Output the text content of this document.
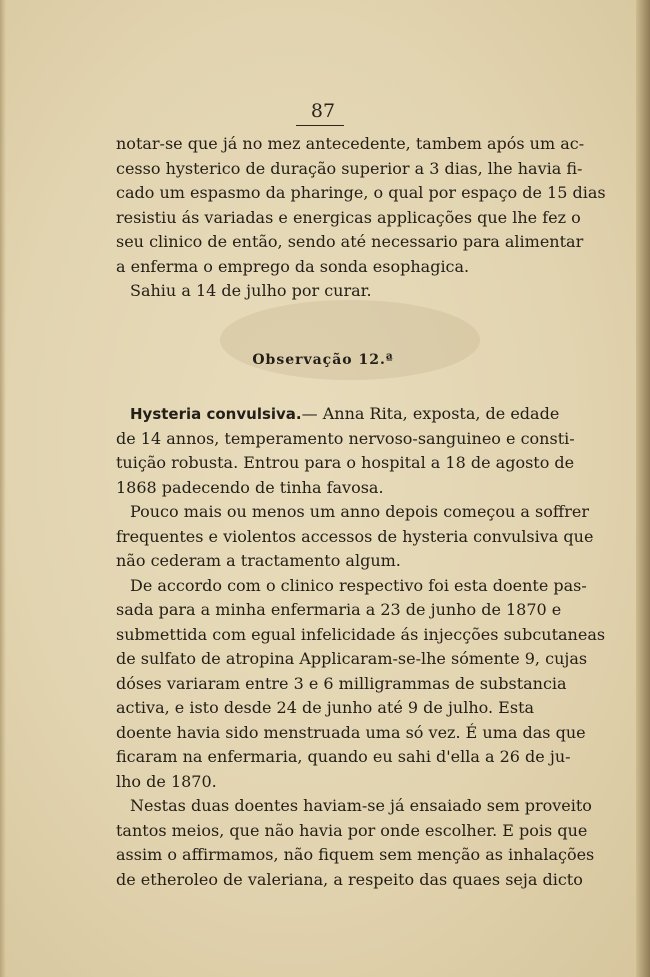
87
notar-se que já no mez antecedente, tambem após um ac-
cesso hysterico de duração superior a 3 dias, lhe havia fi-
cado um espasmo da pharinge, o qual por espaço de 15 dias
resistiu ás variadas e energicas applicações que lhe fez o
seu clinico de então, sendo até necessario para alimentar
a enferma o emprego da sonda esophagica.
Sahiu a 14 de julho por curar.
Observação 12.ª
Hysteria convulsiva.— Anna Rita, exposta, de edade
de 14 annos, temperamento nervoso-sanguineo e consti-
tuição robusta. Entrou para o hospital a 18 de agosto de
1868 padecendo de tinha favosa.
Pouco mais ou menos um anno depois começou a soffrer
frequentes e violentos accessos de hysteria convulsiva que
não cederam a tractamento algum.
De accordo com o clinico respectivo foi esta doente pas-
sada para a minha enfermaria a 23 de junho de 1870 e
submettida com egual infelicidade ás injecções subcutaneas
de sulfato de atropina Applicaram-se-lhe sómente 9, cujas
dóses variaram entre 3 e 6 milligrammas de substancia
activa, e isto desde 24 de junho até 9 de julho. Esta
doente havia sido menstruada uma só vez. É uma das que
ficaram na enfermaria, quando eu sahi d'ella a 26 de ju-
lho de 1870.
Nestas duas doentes haviam-se já ensaiado sem proveito
tantos meios, que não havia por onde escolher. E pois que
assim o affirmamos, não fiquem sem menção as inhalações
de etheroleo de valeriana, a respeito das quaes seja dicto
